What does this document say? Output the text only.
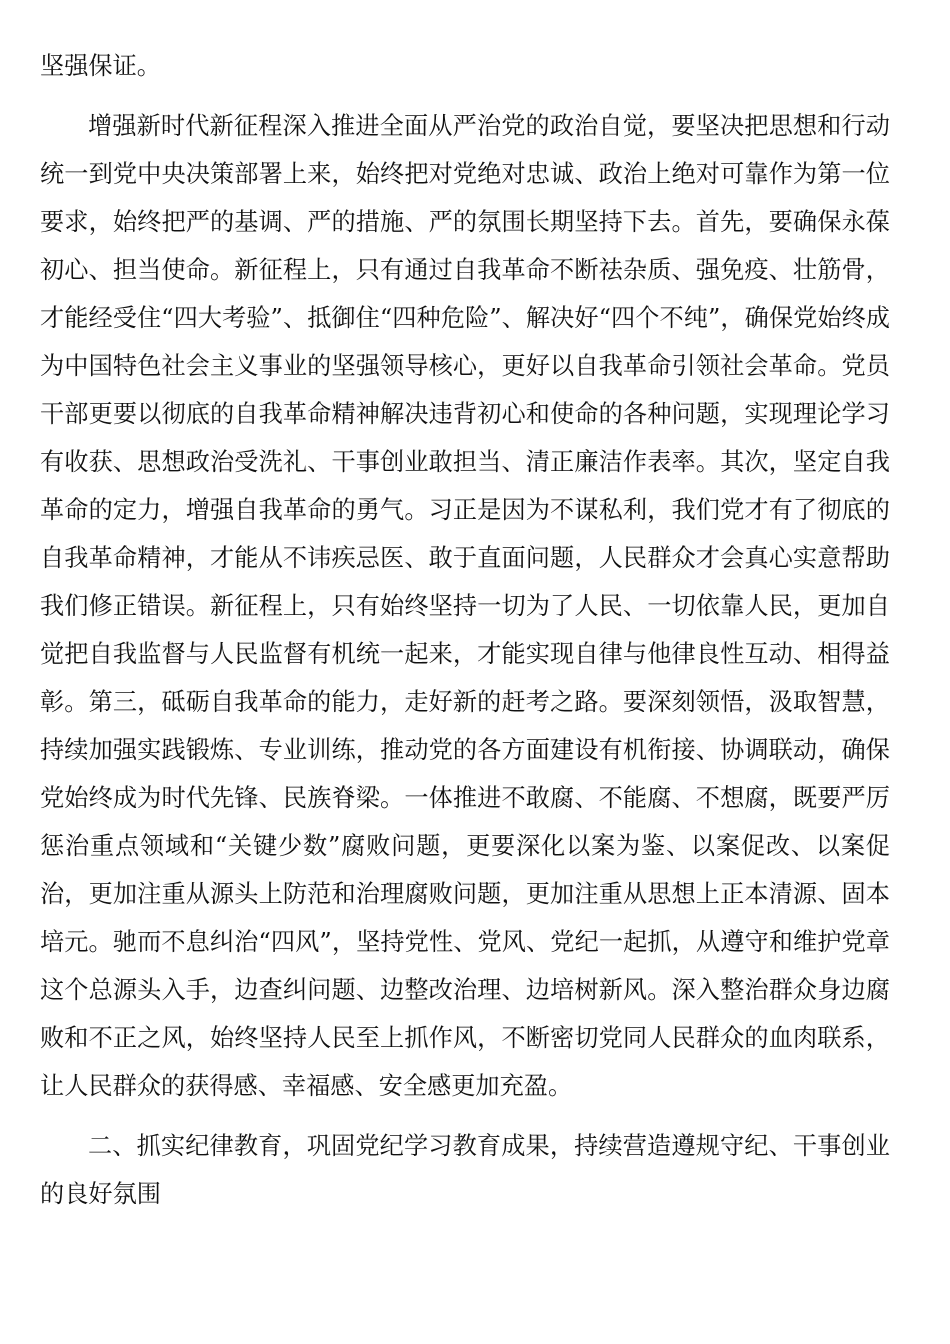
坚强保证。

增强新时代新征程深入推进全面从严治党的政治自觉，要坚决把思想和行动统一到党中央决策部署上来，始终把对党绝对忠诚、政治上绝对可靠作为第一位要求，始终把严的基调、严的措施、严的氛围长期坚持下去。首先，要确保永葆初心、担当使命。新征程上，只有通过自我革命不断祛杂质、强免疫、壮筋骨，才能经受住“四大考验”、抵御住“四种危险”、解决好“四个不纯”，确保党始终成为中国特色社会主义事业的坚强领导核心，更好以自我革命引领社会革命。党员干部更要以彻底的自我革命精神解决违背初心和使命的各种问题，实现理论学习有收获、思想政治受洗礼、干事创业敢担当、清正廉洁作表率。其次，坚定自我革命的定力，增强自我革命的勇气。习正是因为不谋私利，我们党才有了彻底的自我革命精神，才能从不讳疾忌医、敢于直面问题，人民群众才会真心实意帮助我们修正错误。新征程上，只有始终坚持一切为了人民、一切依靠人民，更加自觉把自我监督与人民监督有机统一起来，才能实现自律与他律良性互动、相得益彰。第三，砥砺自我革命的能力，走好新的赶考之路。要深刻领悟，汲取智慧，持续加强实践锻炼、专业训练，推动党的各方面建设有机衔接、协调联动，确保党始终成为时代先锋、民族脊梁。一体推进不敢腐、不能腐、不想腐，既要严厉惩治重点领域和“关键少数”腐败问题，更要深化以案为鉴、以案促改、以案促治，更加注重从源头上防范和治理腐败问题，更加注重从思想上正本清源、固本培元。驰而不息纠治“四风”，坚持党性、党风、党纪一起抓，从遵守和维护党章这个总源头入手，边查纠问题、边整改治理、边培树新风。深入整治群众身边腐败和不正之风，始终坚持人民至上抓作风，不断密切党同人民群众的血肉联系，让人民群众的获得感、幸福感、安全感更加充盈。

二、抓实纪律教育，巩固党纪学习教育成果，持续营造遵规守纪、干事创业的良好氛围
